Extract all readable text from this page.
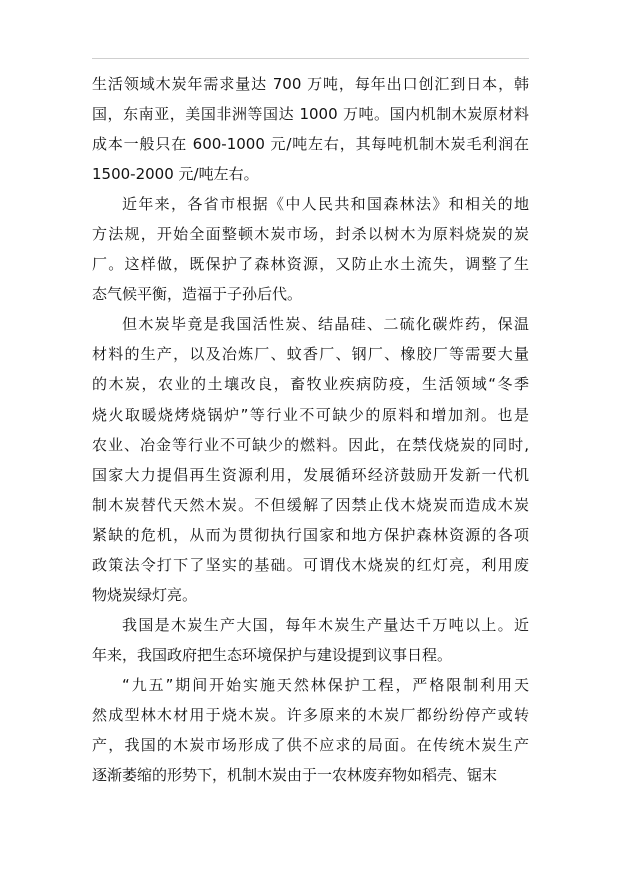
生活领域木炭年需求量达 700 万吨，每年出口创汇到日本，韩
国，东南亚，美国非洲等国达 1000 万吨。国内机制木炭原材料
成本一般只在 600-1000 元/吨左右，其每吨机制木炭毛利润在
1500-2000 元/吨左右。
近年来，各省市根据《中人民共和国森林法》和相关的地
方法规，开始全面整顿木炭市场，封杀以树木为原料烧炭的炭
厂。这样做，既保护了森林资源，又防止水土流失，调整了生
态气候平衡，造福于子孙后代。
但木炭毕竟是我国活性炭、结晶硅、二硫化碳炸药，保温
材料的生产，以及冶炼厂、蚊香厂、钢厂、橡胶厂等需要大量
的木炭，农业的土壤改良，畜牧业疾病防疫，生活领域“冬季
烧火取暖烧烤烧锅炉”等行业不可缺少的原料和增加剂。也是
农业、冶金等行业不可缺少的燃料。因此，在禁伐烧炭的同时,
国家大力提倡再生资源利用，发展循环经济鼓励开发新一代机
制木炭替代天然木炭。不但缓解了因禁止伐木烧炭而造成木炭
紧缺的危机，从而为贯彻执行国家和地方保护森林资源的各项
政策法令打下了坚实的基础。可谓伐木烧炭的红灯亮，利用废
物烧炭绿灯亮。
我国是木炭生产大国，每年木炭生产量达千万吨以上。近
年来，我国政府把生态环境保护与建设提到议事日程。
“九五”期间开始实施天然林保护工程，严格限制利用天
然成型林木材用于烧木炭。许多原来的木炭厂都纷纷停产或转
产，我国的木炭市场形成了供不应求的局面。在传统木炭生产
逐渐萎缩的形势下，机制木炭由于一农林废弃物如稻壳、锯末
